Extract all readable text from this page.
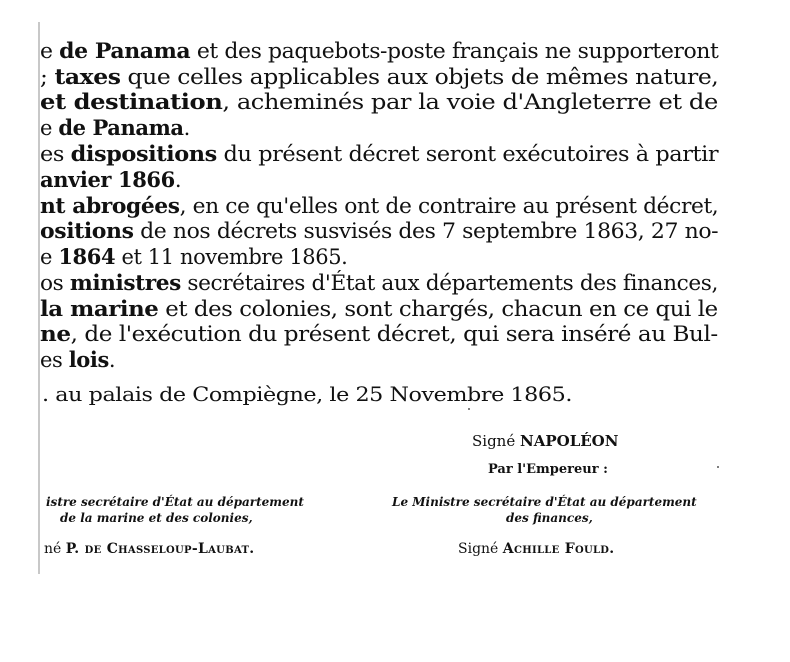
e de Panama et des paquebots-poste français ne supporteront
; taxes que celles applicables aux objets de mêmes nature,
et destination, acheminés par la voie d'Angleterre et de
e de Panama.
es dispositions du présent décret seront exécutoires à partir
anvier 1866.
nt abrogées, en ce qu'elles ont de contraire au présent décret,
ositions de nos décrets susvisés des 7 septembre 1863, 27 no-
e 1864 et 11 novembre 1865.
os ministres secrétaires d'État aux départements des finances,
la marine et des colonies, sont chargés, chacun en ce qui le
ne, de l'exécution du présent décret, qui sera inséré au Bul-
es lois.
. au palais de Compiègne, le 25 Novembre 1865.
Signé NAPOLÉON
Par l'Empereur :
istre secrétaire d'État au département
de la marine et des colonies,
Le Ministre secrétaire d'État au département
des finances,
né P. de Chasseloup-Laubat.	Signé Achille Fould.
